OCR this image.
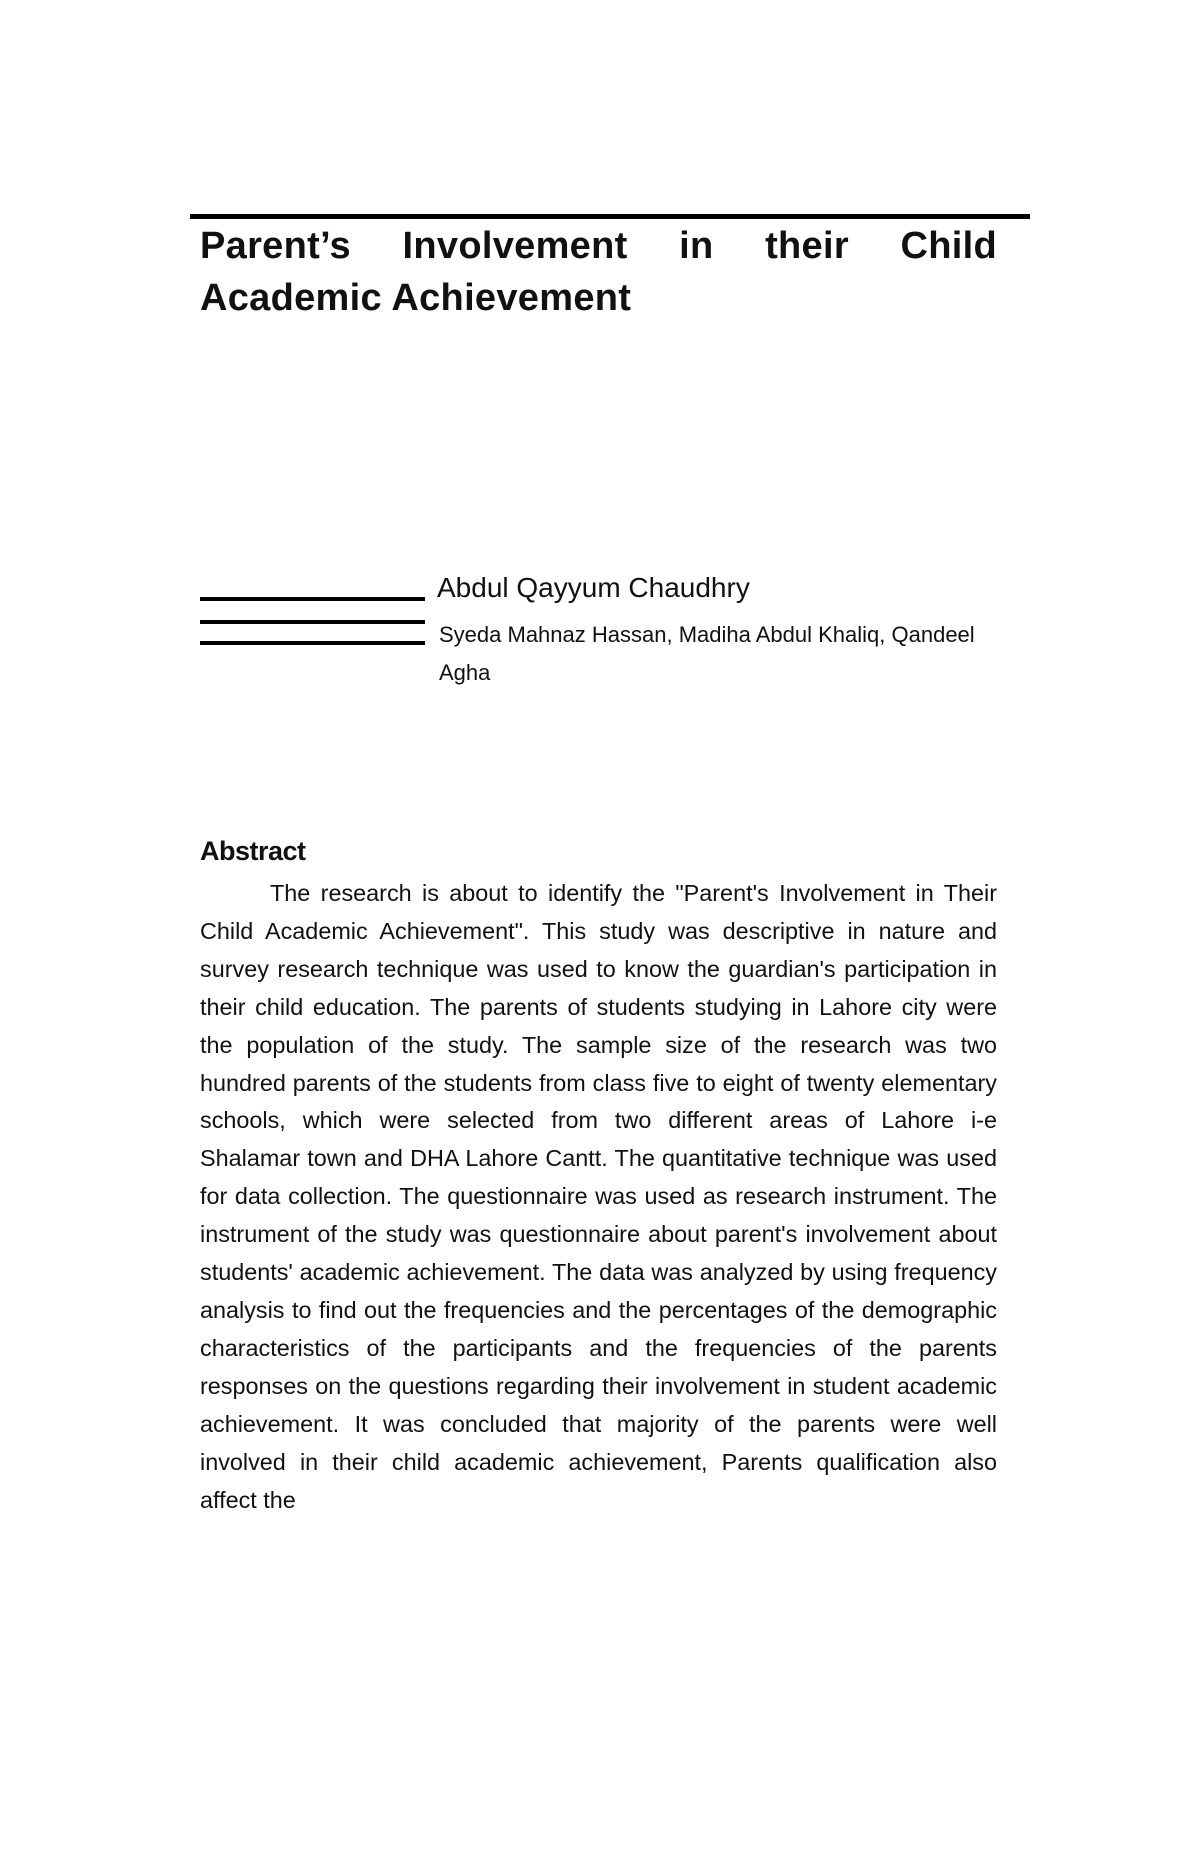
Parent’s Involvement in their Child Academic Achievement
Abdul Qayyum Chaudhry
Syeda Mahnaz Hassan, Madiha Abdul Khaliq, Qandeel Agha
Abstract

The research is about to identify the "Parent's Involvement in Their Child Academic Achievement". This study was descriptive in nature and survey research technique was used to know the guardian's participation in their child education. The parents of students studying in Lahore city were the population of the study. The sample size of the research was two hundred parents of the students from class five to eight of twenty elementary schools, which were selected from two different areas of Lahore i-e Shalamar town and DHA Lahore Cantt. The quantitative technique was used for data collection. The questionnaire was used as research instrument. The instrument of the study was questionnaire about parent's involvement about students' academic achievement. The data was analyzed by using frequency analysis to find out the frequencies and the percentages of the demographic characteristics of the participants and the frequencies of the parents responses on the questions regarding their involvement in student academic achievement. It was concluded that majority of the parents were well involved in their child academic achievement, Parents qualification also affect the
